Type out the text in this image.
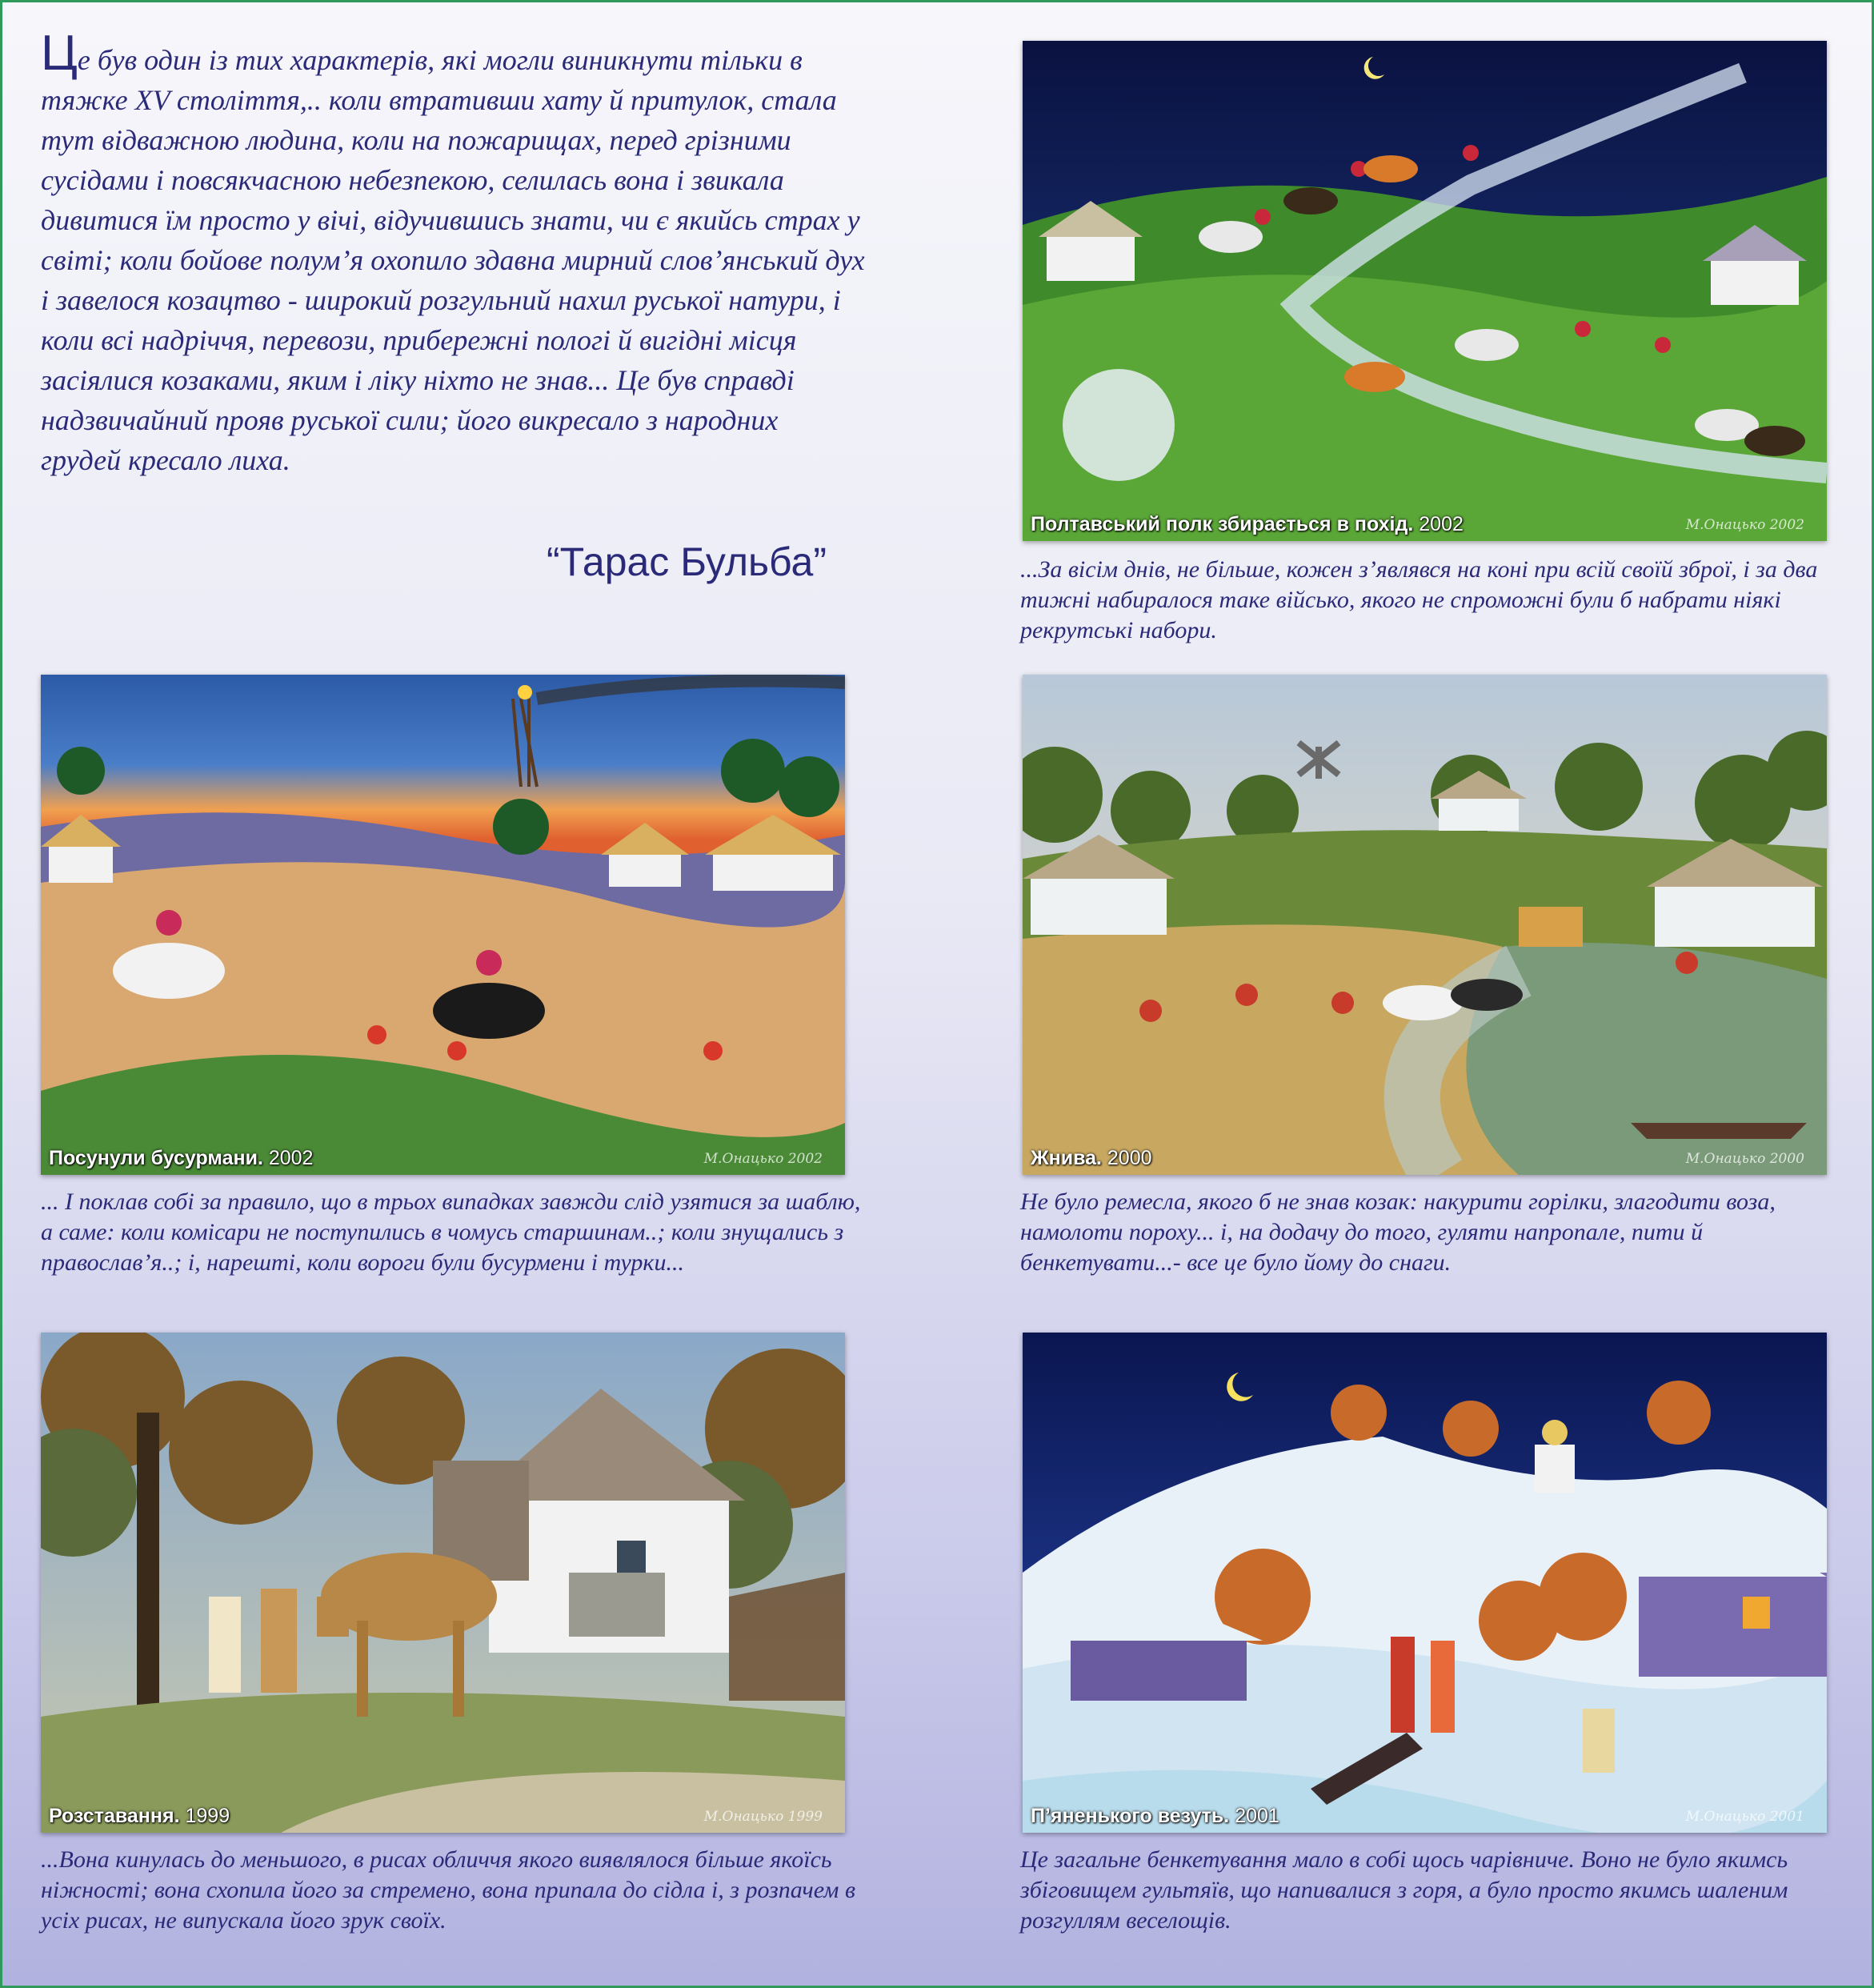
Це був один із тих характерів, які могли виникнути тільки в тяжке XV століття,.. коли втративши хату й притулок, стала тут відважною людина, коли на пожарищах, перед грізними сусідами і повсякчасною небезпекою, селилась вона і звикала дивитися їм просто у вічі, відучившись знати, чи є якийсь страх у світі; коли бойове полум’я охопило здавна мирний слов’янський дух і завелося козацтво - широкий розгульний нахил руської натури, і коли всі надріччя, перевози, прибережні пологі й вигідні місця засіялися козаками, яким і ліку ніхто не знав... Це був справді надзвичайний прояв руської сили; його викресало з народних грудей кресало лиха.
“Тарас Бульба”
Полтавський полк збирається в похід. 2002	М.Онацько 2002
...За вісім днів, не більше, кожен з’являвся на коні при всій своїй зброї, і за два тижні набиралося таке військо, якого не спроможні були б набрати ніякі рекрутські набори.
Посунули бусурмани. 2002	М.Онацько 2002
... І поклав собі за правило, що в трьох випадках завжди слід узятися за шаблю, а саме: коли комісари не поступились в чомусь старшинам..; коли знущались з православ’я..; і, нарешті, коли вороги були бусурмени і турки...
Жнива. 2000	М.Онацько 2000
Не було ремесла, якого б не знав козак: накурити горілки, злагодити воза, намолоти пороху... і, на додачу до того, гуляти напропале, пити й бенкетувати...- все це було йому до снаги.
Розставання. 1999	М.Онацько 1999
...Вона кинулась до меньшого, в рисах обличчя якого виявлялося більше якоїсь ніжності; вона схопила його за стремено, вона припала до сідла і, з розпачем в усіх рисах, не випускала його зрук своїх.
П’яненького везуть. 2001	М.Онацько 2001
Це загальне бенкетування мало в собі щось чарівниче. Воно не було якимсь збіговищем гультяїв, що напивалися з горя, а було просто якимсь шаленим розгуллям веселощів.
